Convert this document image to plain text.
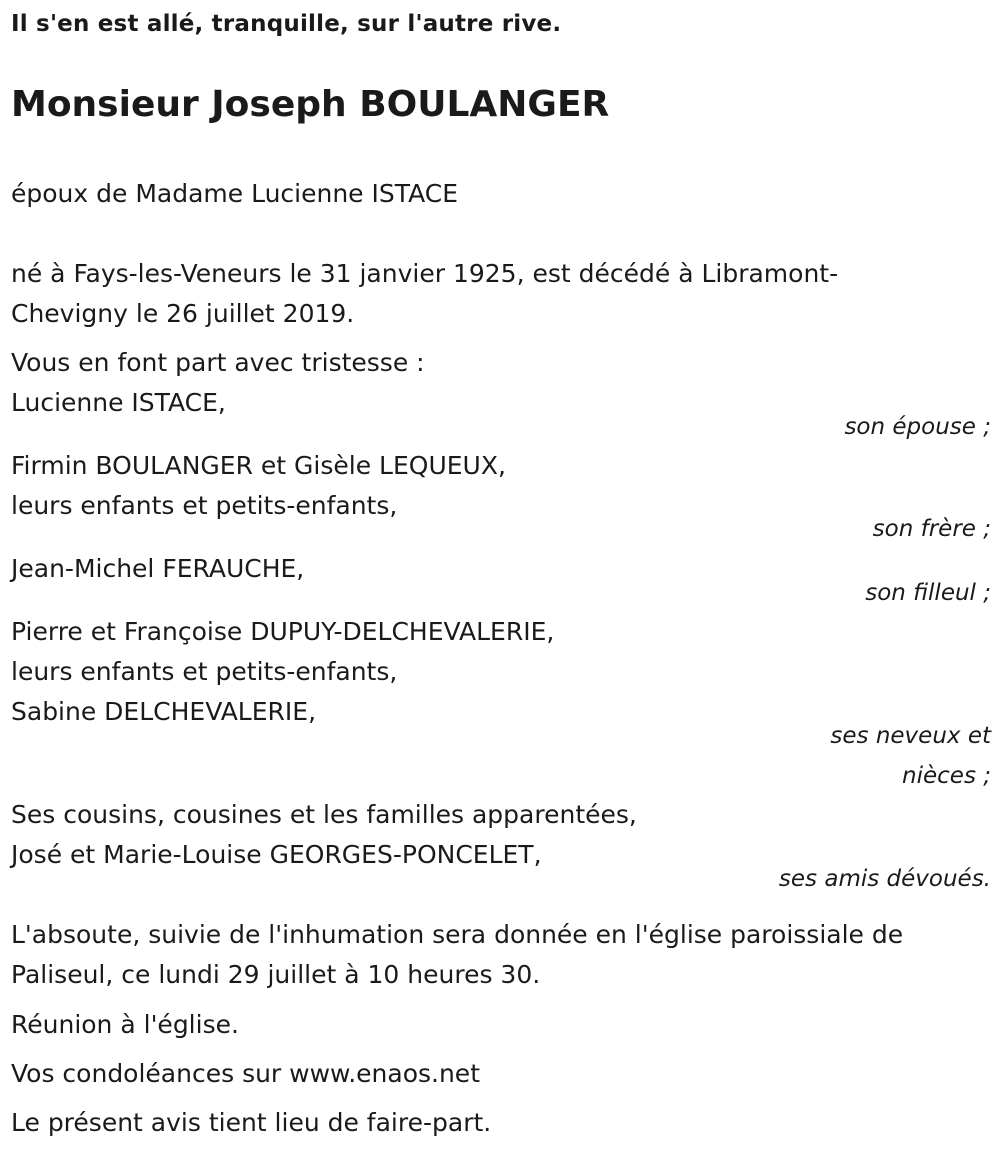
Il s'en est allé, tranquille, sur l'autre rive.
Monsieur Joseph BOULANGER
époux de Madame Lucienne ISTACE
né à Fays-les-Veneurs le 31 janvier 1925, est décédé à Libramont-
Chevigny le 26 juillet 2019.
Vous en font part avec tristesse :
Lucienne ISTACE,
son épouse ;
Firmin BOULANGER et Gisèle LEQUEUX,
leurs enfants et petits-enfants,
son frère ;
Jean-Michel FERAUCHE,
son filleul ;
Pierre et Françoise DUPUY-DELCHEVALERIE,
leurs enfants et petits-enfants,
Sabine DELCHEVALERIE,
ses neveux et
nièces ;
Ses cousins, cousines et les familles apparentées,
José et Marie-Louise GEORGES-PONCELET,
ses amis dévoués.
L'absoute, suivie de l'inhumation sera donnée en l'église paroissiale de
Paliseul, ce lundi 29 juillet à 10 heures 30.
Réunion à l'église.
Vos condoléances sur www.enaos.net
Le présent avis tient lieu de faire-part.
